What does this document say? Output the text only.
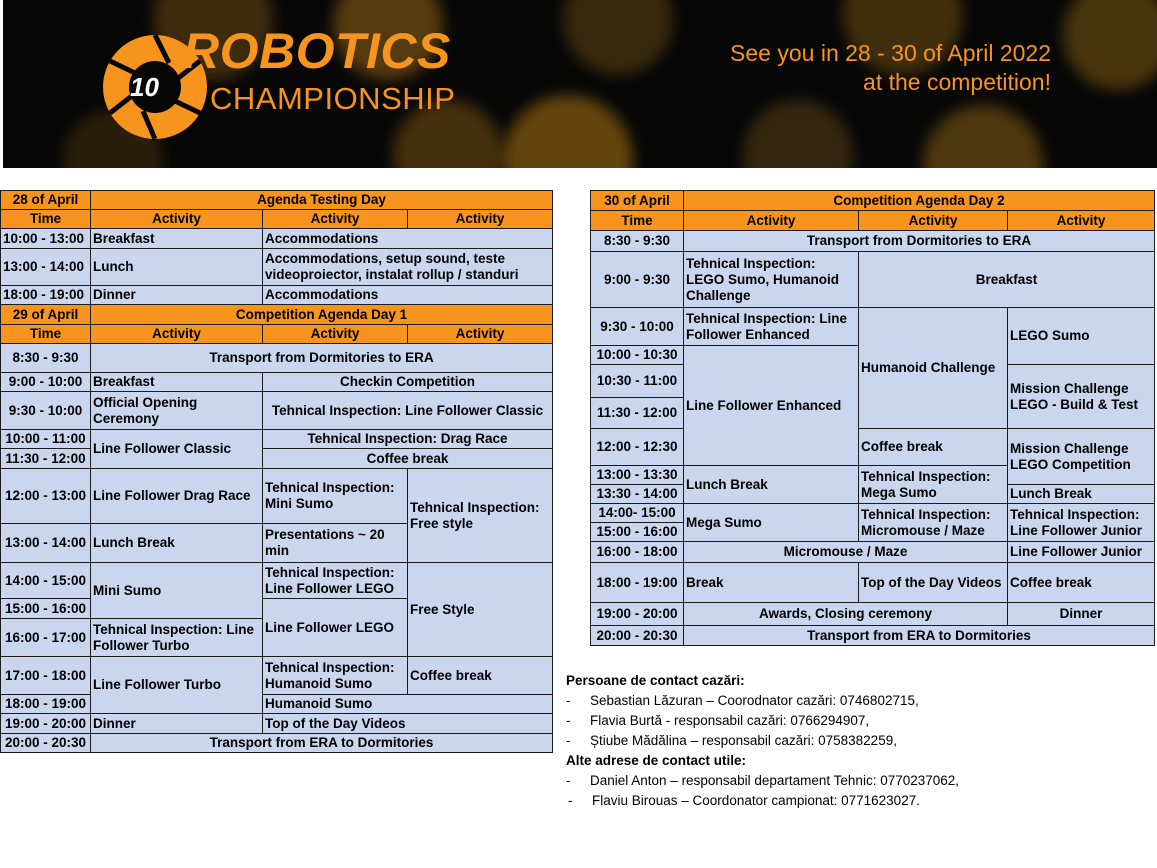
10
ROBOTICS
CHAMPIONSHIP
See you in 28 - 30 of April 2022
at the competition!
28 of April	Agenda Testing Day		
Time	Activity	Activity	Activity
10:00 - 13:00	Breakfast	Accommodations	
13:00 - 14:00	Lunch	Accommodations, setup sound, teste videoproiector, instalat rollup / standuri	
18:00 - 19:00	Dinner	Accommodations	
29 of April	Competition Agenda Day 1		
Time	Activity	Activity	Activity
8:30 - 9:30	Transport from Dormitories to ERA		
9:00 - 10:00	Breakfast	Checkin Competition	
9:30 - 10:00	Official Opening Ceremony	Tehnical Inspection: Line Follower Classic	
10:00 - 11:00	Line Follower Classic	Tehnical Inspection: Drag Race	
11:30 - 12:00		Coffee break	
12:00 - 13:00	Line Follower Drag Race	Tehnical Inspection: Mini Sumo	Tehnical Inspection: Free style
13:00 - 14:00	Lunch Break	Presentations ~ 20 min	
14:00 - 15:00	Mini Sumo	Tehnical Inspection: Line Follower LEGO	Free Style
15:00 - 16:00		Line Follower LEGO	
16:00 - 17:00	Tehnical Inspection: Line Follower Turbo		
17:00 - 18:00	Line Follower Turbo	Tehnical Inspection: Humanoid Sumo	Coffee break
18:00 - 19:00		Humanoid Sumo	
19:00 - 20:00	Dinner	Top of the Day Videos	
20:00 - 20:30	Transport from ERA to Dormitories		
30 of April	Competition Agenda Day 2		
Time	Activity	Activity	Activity
8:30 - 9:30	Transport from Dormitories to ERA		
9:00 - 9:30	Tehnical Inspection: LEGO Sumo, Humanoid Challenge	Breakfast	
9:30 - 10:00	Tehnical Inspection: Line Follower Enhanced	Humanoid Challenge	LEGO Sumo
10:00 - 10:30	Line Follower Enhanced		
10:30 - 11:00			Mission Challenge LEGO - Build & Test
11:30 - 12:00			
12:00 - 12:30		Coffee break	Mission Challenge LEGO Competition
13:00 - 13:30	Lunch Break	Tehnical Inspection: Mega Sumo	
13:30 - 14:00			Lunch Break
14:00- 15:00	Mega Sumo	Tehnical Inspection: Micromouse / Maze	Tehnical Inspection: Line Follower Junior
15:00 - 16:00			
16:00 - 18:00	Micromouse / Maze		Line Follower Junior
18:00 - 19:00	Break	Top of the Day Videos	Coffee break
19:00 - 20:00	Awards, Closing ceremony		Dinner
20:00 - 20:30	Transport from ERA to Dormitories		
Persoane de contact cazări:
-	Sebastian Lăzuran – Coorodnator cazări: 0746802715,
-	Flavia Burtă - responsabil cazări: 0766294907,
-	Știube Mădălina – responsabil cazări: 0758382259,
Alte adrese de contact utile:
-	Daniel Anton – responsabil departament Tehnic: 0770237062,
-	Flaviu Birouas – Coordonator campionat: 0771623027.
